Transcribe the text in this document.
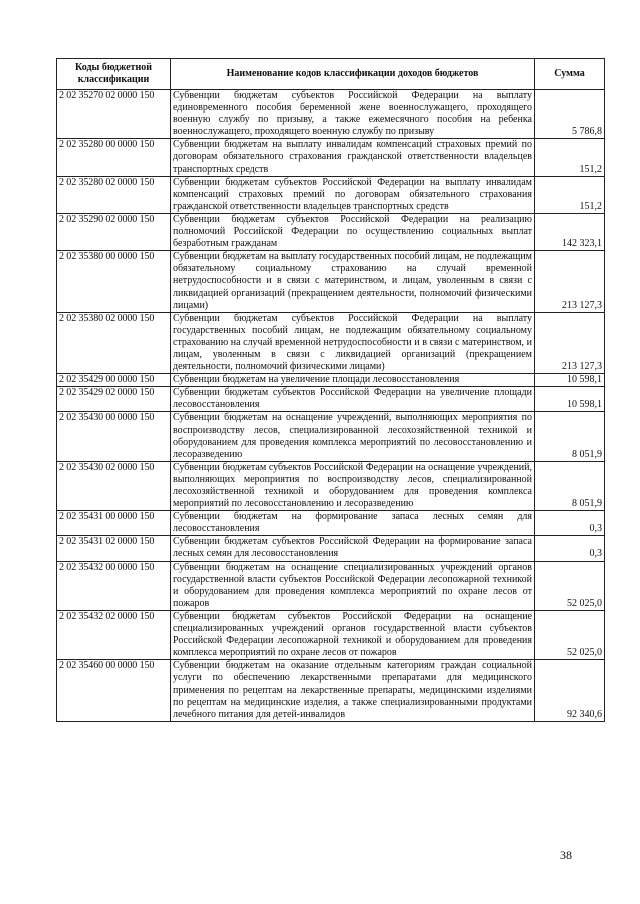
Коды бюджетной классификации	Наименование кодов классификации доходов бюджетов	Сумма
2 02 35270 02 0000 150	Субвенции бюджетам субъектов Российской Федерации на выплату единовременного пособия беременной жене военнослужащего, проходящего военную службу по призыву, а также ежемесячного пособия на ребенка военнослужащего, проходящего военную службу по призыву	5 786,8
2 02 35280 00 0000 150	Субвенции бюджетам на выплату инвалидам компенсаций страховых премий по договорам обязательного страхования гражданской ответственности владельцев транспортных средств	151,2
2 02 35280 02 0000 150	Субвенции бюджетам субъектов Российской Федерации на выплату инвалидам компенсаций страховых премий по договорам обязательного страхования гражданской ответственности владельцев транспортных средств	151,2
2 02 35290 02 0000 150	Субвенции бюджетам субъектов Российской Федерации на реализацию полномочий Российской Федерации по осуществлению социальных выплат безработным гражданам	142 323,1
2 02 35380 00 0000 150	Субвенции бюджетам на выплату государственных пособий лицам, не подлежащим обязательному социальному страхованию на случай временной нетрудоспособности и в связи с материнством, и лицам, уволенным в связи с ликвидацией организаций (прекращением деятельности, полномочий физическими лицами)	213 127,3
2 02 35380 02 0000 150	Субвенции бюджетам субъектов Российской Федерации на выплату государственных пособий лицам, не подлежащим обязательному социальному страхованию на случай временной нетрудоспособности и в связи с материнством, и лицам, уволенным в связи с ликвидацией организаций (прекращением деятельности, полномочий физическими лицами)	213 127,3
2 02 35429 00 0000 150	Субвенции бюджетам на увеличение площади лесовосстановления	10 598,1
2 02 35429 02 0000 150	Субвенции бюджетам субъектов Российской Федерации на увеличение площади лесовосстановления	10 598,1
2 02 35430 00 0000 150	Субвенции бюджетам на оснащение учреждений, выполняющих мероприятия по воспроизводству лесов, специализированной лесохозяйственной техникой и оборудованием для проведения комплекса мероприятий по лесовосстановлению и лесоразведению	8 051,9
2 02 35430 02 0000 150	Субвенции бюджетам субъектов Российской Федерации на оснащение учреждений, выполняющих мероприятия по воспроизводству лесов, специализированной лесохозяйственной техникой и оборудованием для проведения комплекса мероприятий по лесовосстановлению и лесоразведению	8 051,9
2 02 35431 00 0000 150	Субвенции бюджетам на формирование запаса лесных семян для лесовосстановления	0,3
2 02 35431 02 0000 150	Субвенции бюджетам субъектов Российской Федерации на формирование запаса лесных семян для лесовосстановления	0,3
2 02 35432 00 0000 150	Субвенции бюджетам на оснащение специализированных учреждений органов государственной власти субъектов Российской Федерации лесопожарной техникой и оборудованием для проведения комплекса мероприятий по охране лесов от пожаров	52 025,0
2 02 35432 02 0000 150	Субвенции бюджетам субъектов Российской Федерации на оснащение специализированных учреждений органов государственной власти субъектов Российской Федерации лесопожарной техникой и оборудованием для проведения комплекса мероприятий по охране лесов от пожаров	52 025,0
2 02 35460 00 0000 150	Субвенции бюджетам на оказание отдельным категориям граждан социальной услуги по обеспечению лекарственными препаратами для медицинского применения по рецептам на лекарственные препараты, медицинскими изделиями по рецептам на медицинские изделия, а также специализированными продуктами лечебного питания для детей-инвалидов	92 340,6
38
